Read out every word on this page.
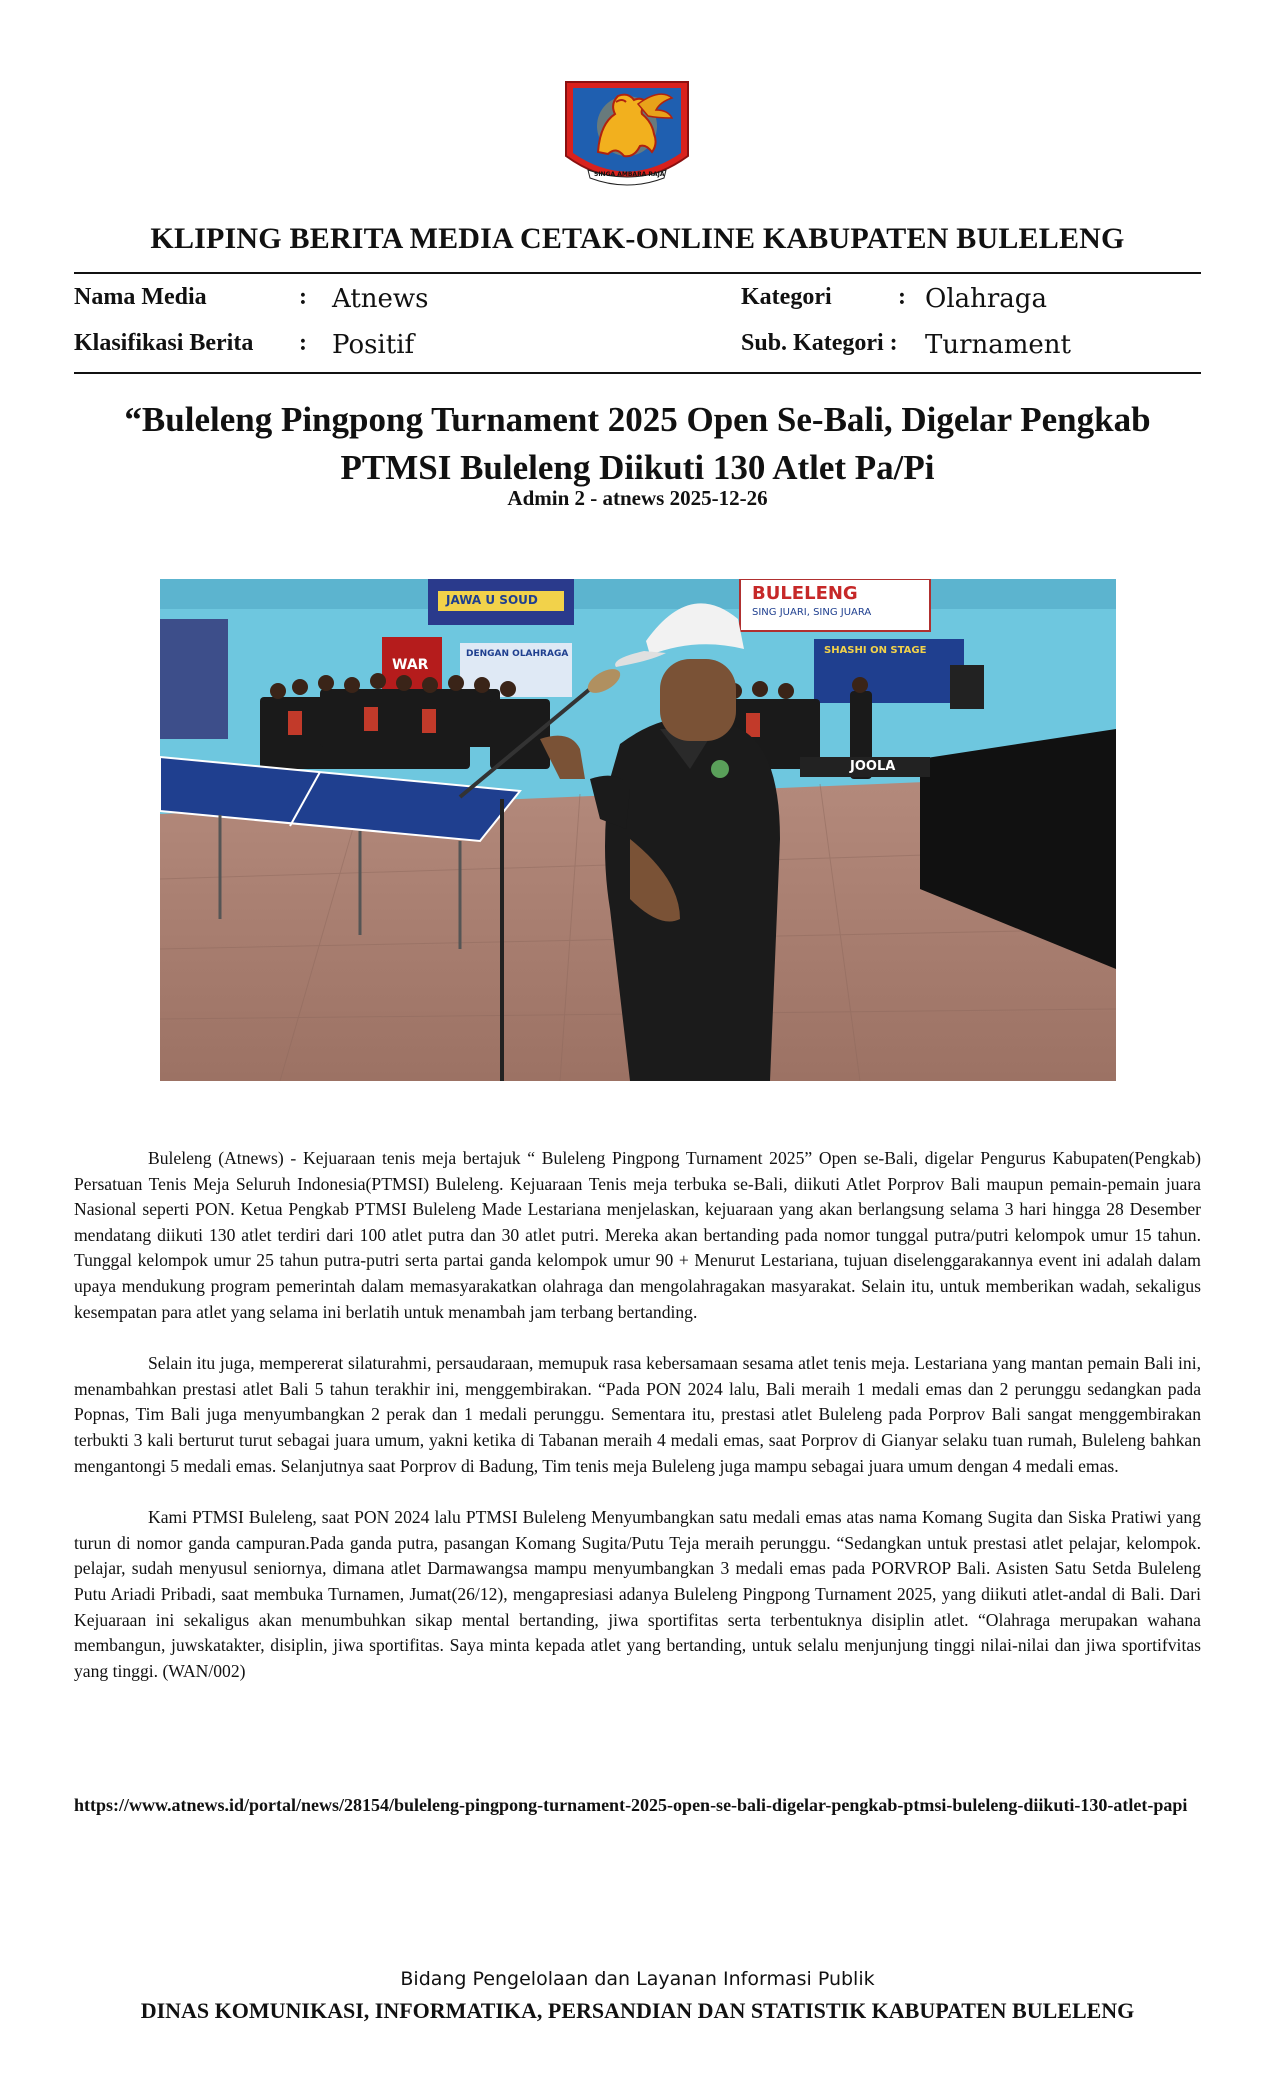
SINGA AMBARA RAJA
KLIPING BERITA MEDIA CETAK-ONLINE KABUPATEN BULELENG
Nama Media	: Atnews
Klasifikasi Berita : Positif
Kategori	: Olahraga
Sub. Kategori : Turnament
“Buleleng Pingpong Turnament 2025 Open Se-Bali, Digelar Pengkab PTMSI Buleleng Diikuti 130 Atlet Pa/Pi
Admin 2 - atnews 2025-12-26
JAWA U SOUD	BULELENG
SING JUARI, SING JUARA
WAR
DENGAN OLAHRAGA	SHASHI ON STAGE
JOOLA

Buleleng (Atnews) - Kejuaraan tenis meja bertajuk “ Buleleng Pingpong Turnament 2025” Open se-Bali, digelar Pengurus Kabupaten(Pengkab) Persatuan Tenis Meja Seluruh Indonesia(PTMSI) Buleleng. Kejuaraan Tenis meja terbuka se-Bali, diikuti Atlet Porprov Bali maupun pemain-pemain juara Nasional seperti PON. Ketua Pengkab PTMSI Buleleng Made Lestariana menjelaskan, kejuaraan yang akan berlangsung selama 3 hari hingga 28 Desember mendatang diikuti 130 atlet terdiri dari 100 atlet putra dan 30 atlet putri. Mereka akan bertanding pada nomor tunggal putra/putri kelompok umur 15 tahun. Tunggal kelompok umur 25 tahun putra-putri serta partai ganda kelompok umur 90 + Menurut Lestariana, tujuan diselenggarakannya event ini adalah dalam upaya mendukung program pemerintah dalam memasyarakatkan olahraga dan mengolahragakan masyarakat. Selain itu, untuk memberikan wadah, sekaligus kesempatan para atlet yang selama ini berlatih untuk menambah jam terbang bertanding.

Selain itu juga, mempererat silaturahmi, persaudaraan, memupuk rasa kebersamaan sesama atlet tenis meja. Lestariana yang mantan pemain Bali ini, menambahkan prestasi atlet Bali 5 tahun terakhir ini, menggembirakan. “Pada PON 2024 lalu, Bali meraih 1 medali emas dan 2 perunggu sedangkan pada Popnas, Tim Bali juga menyumbangkan 2 perak dan 1 medali perunggu. Sementara itu, prestasi atlet Buleleng pada Porprov Bali sangat menggembirakan terbukti 3 kali berturut turut sebagai juara umum, yakni ketika di Tabanan meraih 4 medali emas, saat Porprov di Gianyar selaku tuan rumah, Buleleng bahkan mengantongi 5 medali emas. Selanjutnya saat Porprov di Badung, Tim tenis meja Buleleng juga mampu sebagai juara umum dengan 4 medali emas.

Kami PTMSI Buleleng, saat PON 2024 lalu PTMSI Buleleng Menyumbangkan satu medali emas atas nama Komang Sugita dan Siska Pratiwi yang turun di nomor ganda campuran.Pada ganda putra, pasangan Komang Sugita/Putu Teja meraih perunggu. “Sedangkan untuk prestasi atlet pelajar, kelompok. pelajar, sudah menyusul seniornya, dimana atlet Darmawangsa mampu menyumbangkan 3 medali emas pada PORVROP Bali. Asisten Satu Setda Buleleng Putu Ariadi Pribadi, saat membuka Turnamen, Jumat(26/12), mengapresiasi adanya Buleleng Pingpong Turnament 2025, yang diikuti atlet-andal di Bali. Dari Kejuaraan ini sekaligus akan menumbuhkan sikap mental bertanding, jiwa sportifitas serta terbentuknya disiplin atlet. “Olahraga merupakan wahana membangun, juwskatakter, disiplin, jiwa sportifitas. Saya minta kepada atlet yang bertanding, untuk selalu menjunjung tinggi nilai-nilai dan jiwa sportifvitas yang tinggi. (WAN/002)

https://www.atnews.id/portal/news/28154/buleleng-pingpong-turnament-2025-open-se-bali-digelar-pengkab-ptmsi-buleleng-diikuti-130-atlet-papi
Bidang Pengelolaan dan Layanan Informasi Publik
DINAS KOMUNIKASI, INFORMATIKA, PERSANDIAN DAN STATISTIK KABUPATEN BULELENG
